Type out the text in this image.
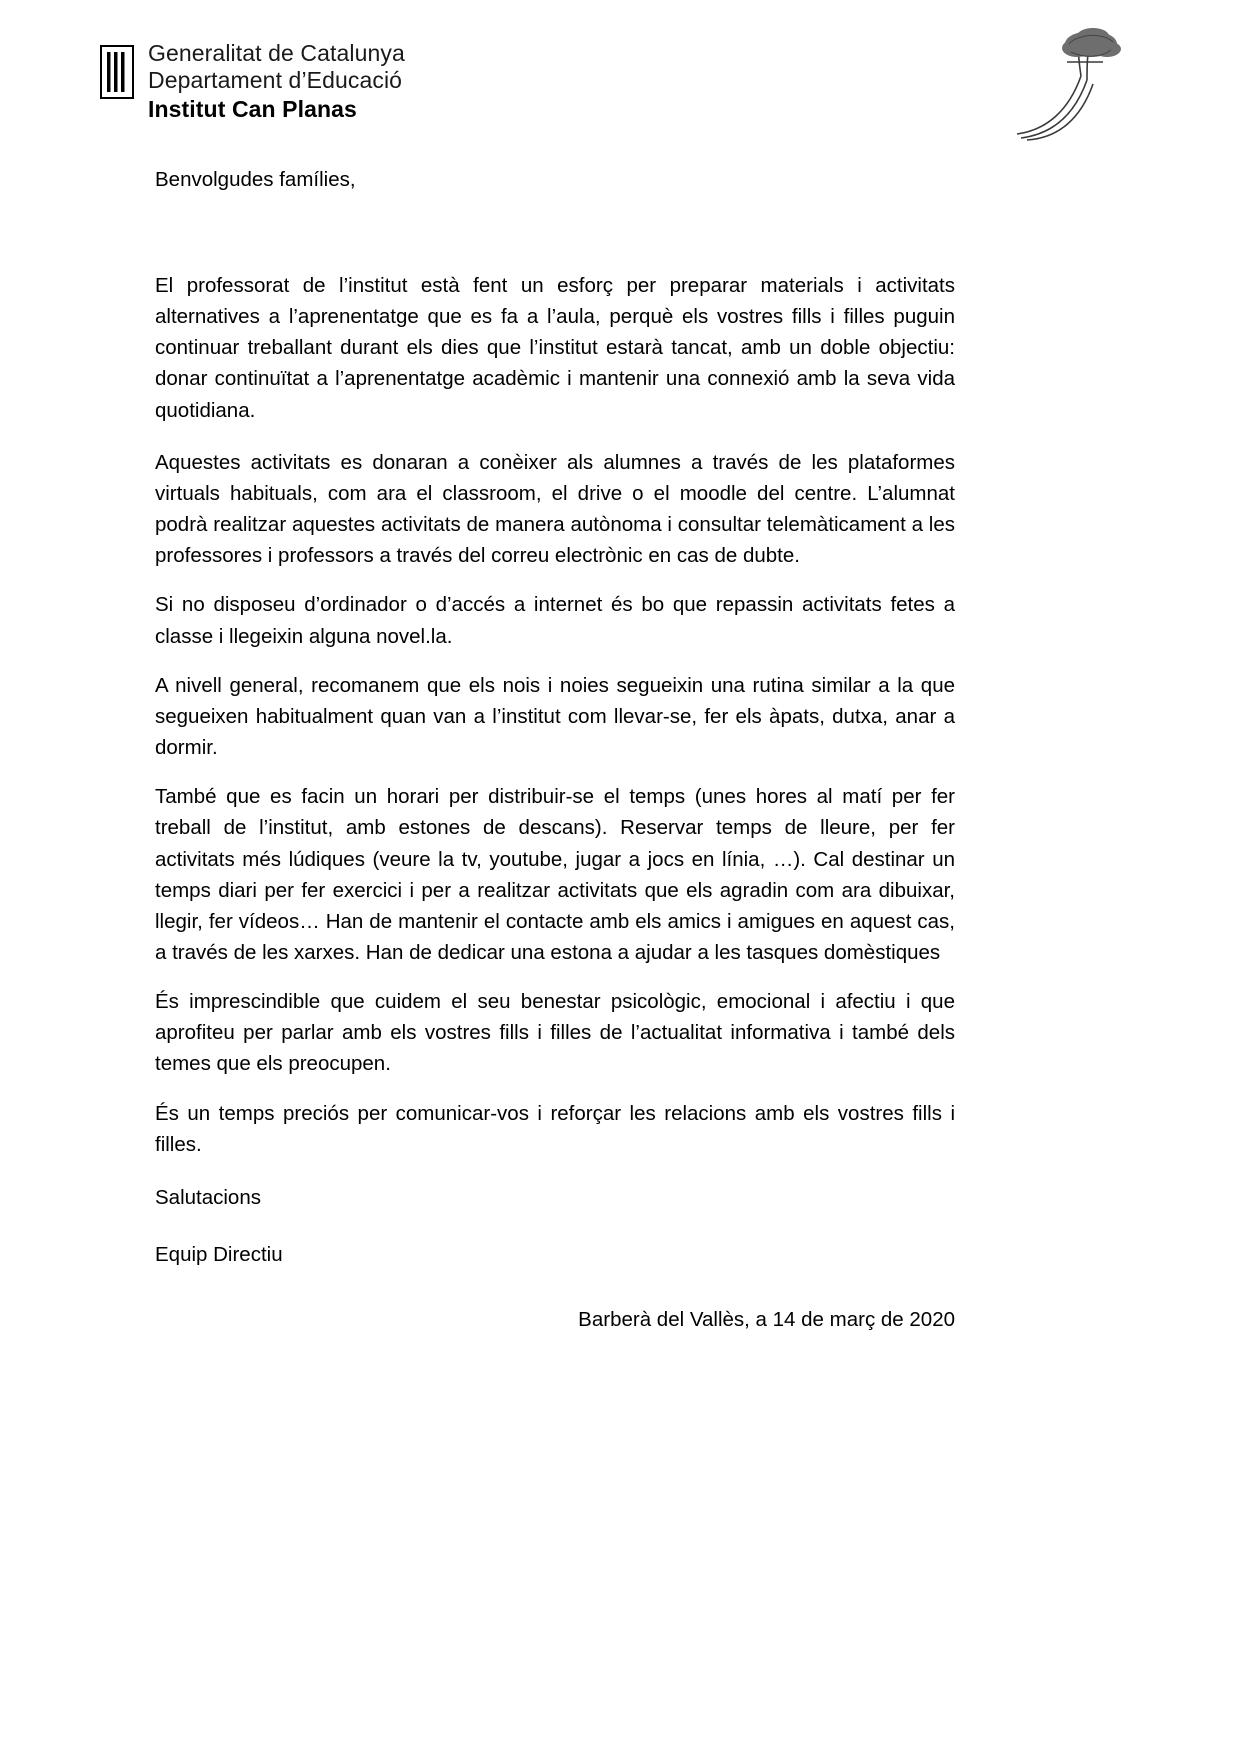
Generalitat de Catalunya
Departament d’Educació
Institut Can Planas
Benvolgudes famílies,

El professorat de l’institut està fent un esforç per preparar materials i activitats alternatives a l’aprenentatge que es fa a l’aula, perquè els vostres fills i filles puguin continuar treballant durant els dies que l’institut estarà tancat, amb un doble objectiu: donar continuïtat a l’aprenentatge acadèmic i mantenir una connexió amb la seva vida quotidiana.

Aquestes activitats es donaran a conèixer als alumnes a través de les plataformes virtuals habituals, com ara el classroom, el drive o el moodle del centre. L’alumnat podrà realitzar aquestes activitats de manera autònoma i consultar telemàticament a les professores i professors a través del correu electrònic en cas de dubte.

Si no disposeu d’ordinador o d’accés a internet és bo que repassin activitats fetes a classe i llegeixin alguna novel.la.

A nivell general, recomanem que els nois i noies segueixin una rutina similar a la que segueixen habitualment quan van a l’institut com llevar-se, fer els àpats, dutxa, anar a dormir.

També que es facin un horari per distribuir-se el temps (unes hores al matí per fer treball de l’institut, amb estones de descans). Reservar temps de lleure, per fer activitats més lúdiques (veure la tv, youtube, jugar a jocs en línia, …). Cal destinar un temps diari per fer exercici i per a realitzar activitats que els agradin com ara dibuixar, llegir, fer vídeos… Han de mantenir el contacte amb els amics i amigues en aquest cas, a través de les xarxes. Han de dedicar una estona a ajudar a les tasques domèstiques

És imprescindible que cuidem el seu benestar psicològic, emocional i afectiu i que aprofiteu per parlar amb els vostres fills i filles de l’actualitat informativa i també dels temes que els preocupen.

És un temps preciós per comunicar-vos i reforçar les relacions amb els vostres fills i filles.

Salutacions

Equip Directiu

Barberà del Vallès, a 14 de març de 2020
